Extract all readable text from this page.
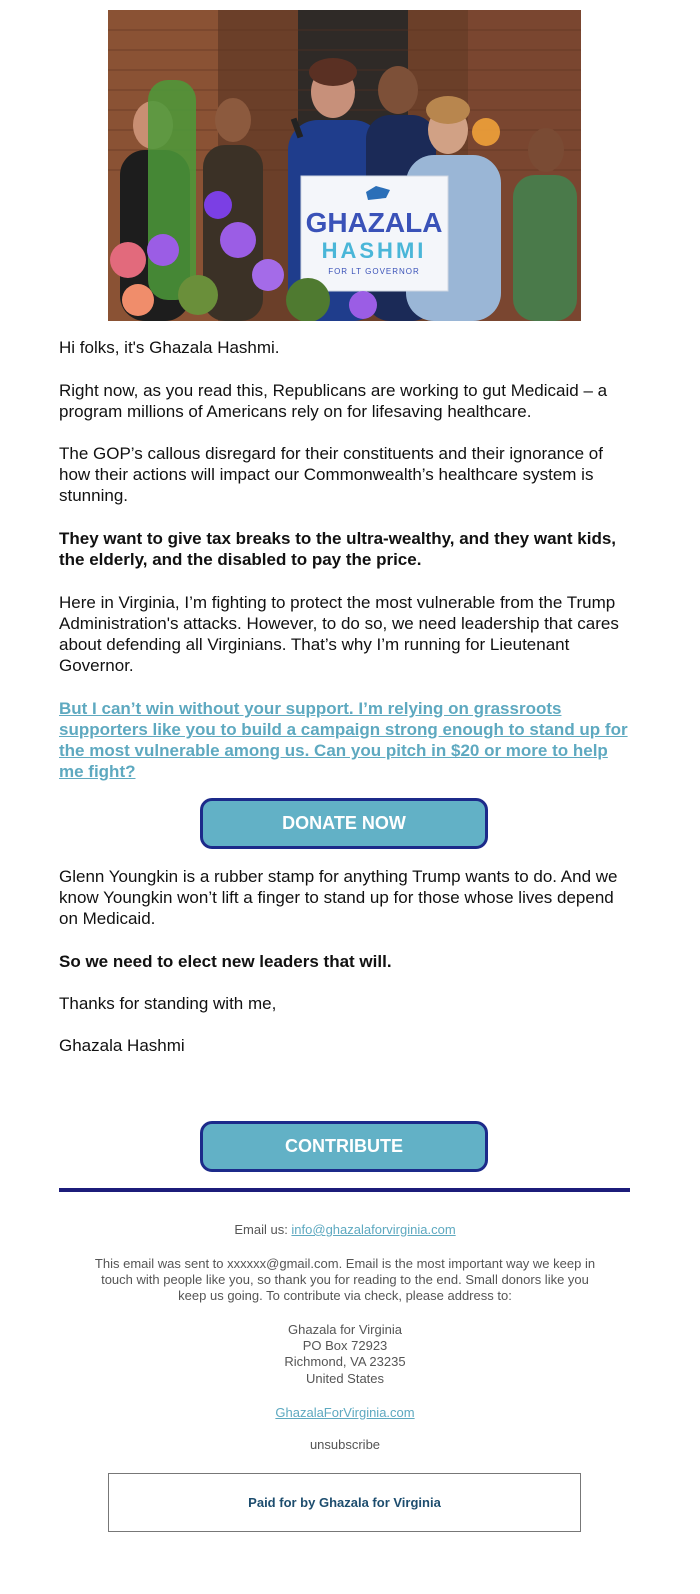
GHAZALA
HASHMI
FOR LT GOVERNOR

Hi folks, it's Ghazala Hashmi.

Right now, as you read this, Republicans are working to gut Medicaid – a program millions of Americans rely on for lifesaving healthcare.

The GOP’s callous disregard for their constituents and their ignorance of how their actions will impact our Commonwealth’s healthcare system is stunning.

They want to give tax breaks to the ultra-wealthy, and they want kids, the elderly, and the disabled to pay the price.

Here in Virginia, I’m fighting to protect the most vulnerable from the Trump Administration's attacks. However, to do so, we need leadership that cares about defending all Virginians. That’s why I’m running for Lieutenant Governor.

But I can’t win without your support. I’m relying on grassroots supporters like you to build a campaign strong enough to stand up for the most vulnerable among us. Can you pitch in $20 or more to help me fight?

DONATE NOW

Glenn Youngkin is a rubber stamp for anything Trump wants to do. And we know Youngkin won’t lift a finger to stand up for those whose lives depend on Medicaid.

So we need to elect new leaders that will.

Thanks for standing with me,

Ghazala Hashmi

CONTRIBUTE
Email us: info@ghazalaforvirginia.com
This email was sent to xxxxxx@gmail.com. Email is the most important way we keep in
touch with people like you, so thank you for reading to the end. Small donors like you
keep us going. To contribute via check, please address to:
Ghazala for Virginia
PO Box 72923
Richmond, VA 23235
United States
GhazalaForVirginia.com
unsubscribe
Paid for by Ghazala for Virginia
